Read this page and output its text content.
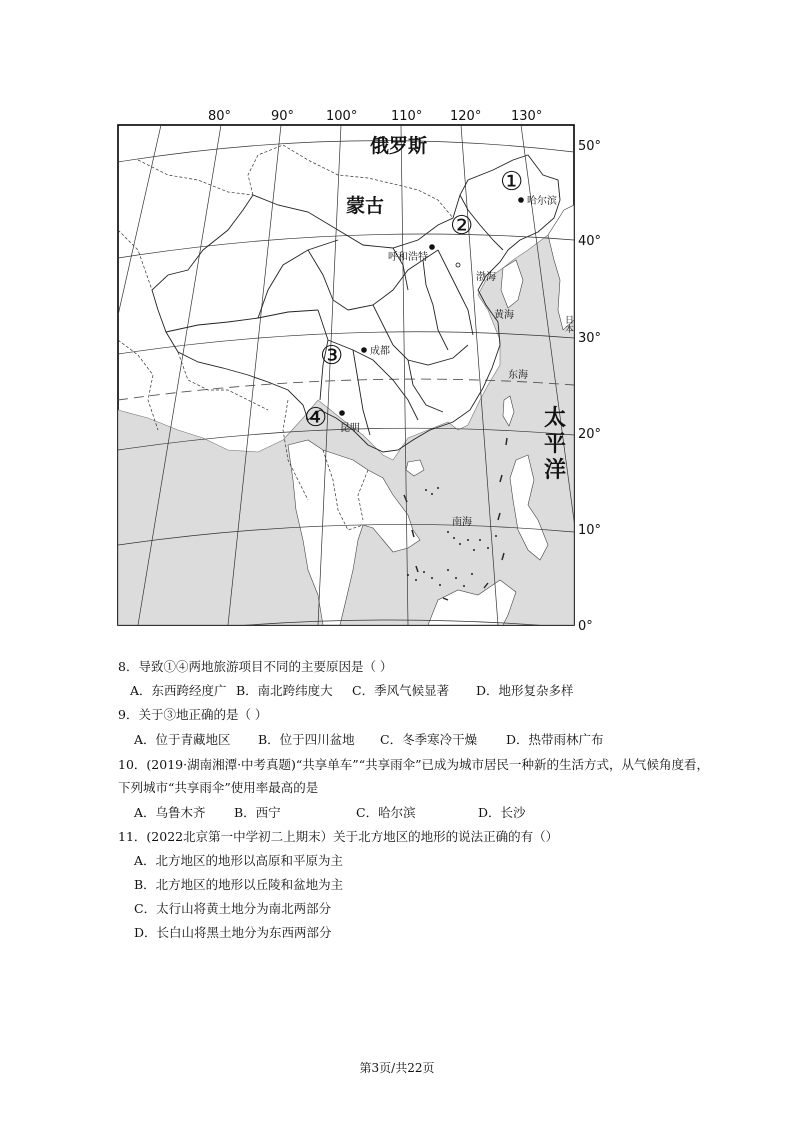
80°	90° 100°	110° 120° 130°
50°
40°
30°
20°
10°
0°
俄罗斯
蒙古
渤海
黄海
东海
南海
日本
太
平
洋
哈尔滨
呼和浩特
成都
昆明
①
②
③
④
8．导致①④两地旅游项目不同的主要原因是（ ）
A．东西跨经度广 B．南北跨纬度大 C．季风气候显著 D．地形复杂多样
9．关于③地正确的是（ ）
A．位于青藏地区 B．位于四川盆地 C．冬季寒冷干燥 D．热带雨林广布
10．(2019·湖南湘潭·中考真题)“共享单车”“共享雨伞”已成为城市居民一种新的生活方式，从气候角度看，
下列城市“共享雨伞”使用率最高的是
A．乌鲁木齐 B．西宁	C．哈尔滨	D．长沙
11．(2022北京第一中学初二上期末）关于北方地区的地形的说法正确的有（）
A．北方地区的地形以高原和平原为主
B．北方地区的地形以丘陵和盆地为主
C．太行山将黄土地分为南北两部分
D．长白山将黑土地分为东西两部分
第3页/共22页
